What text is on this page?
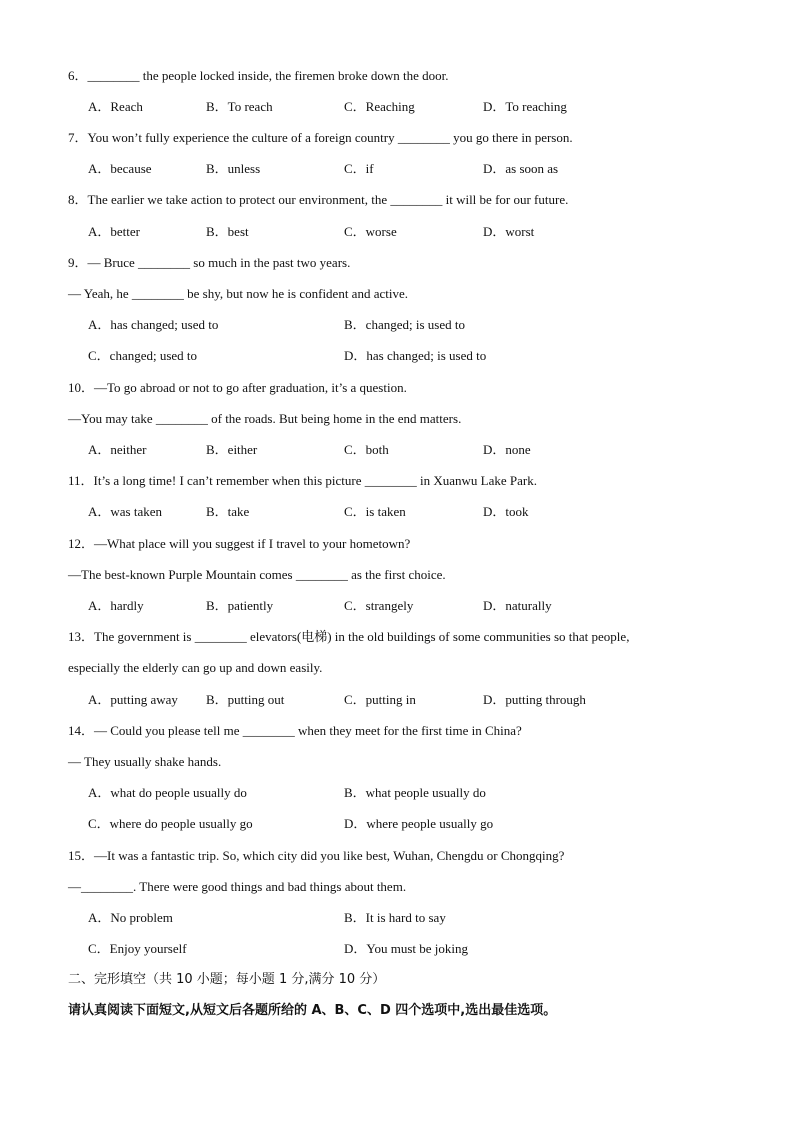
6．________ the people locked inside, the firemen broke down the door.
A．Reach	B．To reach	C．Reaching	D．To reaching
7．You won’t fully experience the culture of a foreign country ________ you go there in person.
A．because	B．unless	C．if	D．as soon as
8．The earlier we take action to protect our environment, the ________ it will be for our future.
A．better	B．best	C．worse	D．worst
9．— Bruce ________ so much in the past two years.
— Yeah, he ________ be shy, but now he is confident and active.
A．has changed; used to	B．changed; is used to
C．changed; used to	D．has changed; is used to
10．—To go abroad or not to go after graduation, it’s a question.
—You may take ________ of the roads. But being home in the end matters.
A．neither	B．either	C．both	D．none
11．It’s a long time! I can’t remember when this picture ________ in Xuanwu Lake Park.
A．was taken	B．take	C．is taken	D．took
12．—What place will you suggest if I travel to your hometown?
—The best-known Purple Mountain comes ________ as the first choice.
A．hardly	B．patiently	C．strangely	D．naturally
13．The government is ________ elevators(电梯) in the old buildings of some communities so that people,
especially the elderly can go up and down easily.
A．putting away B．putting out	C．putting in	D．putting through
14．— Could you please tell me ________ when they meet for the first time in China?
— They usually shake hands.
A．what do people usually do	B．what people usually do
C．where do people usually go	D．where people usually go
15．—It was a fantastic trip. So, which city did you like best, Wuhan, Chengdu or Chongqing?
—________. There were good things and bad things about them.
A．No problem	B．It is hard to say
C．Enjoy yourself	D．You must be joking
二、完形填空（共 10 小题；每小题 1 分,满分 10 分）
请认真阅读下面短文,从短文后各题所给的 A、B、C、D 四个选项中,选出最佳选项。
